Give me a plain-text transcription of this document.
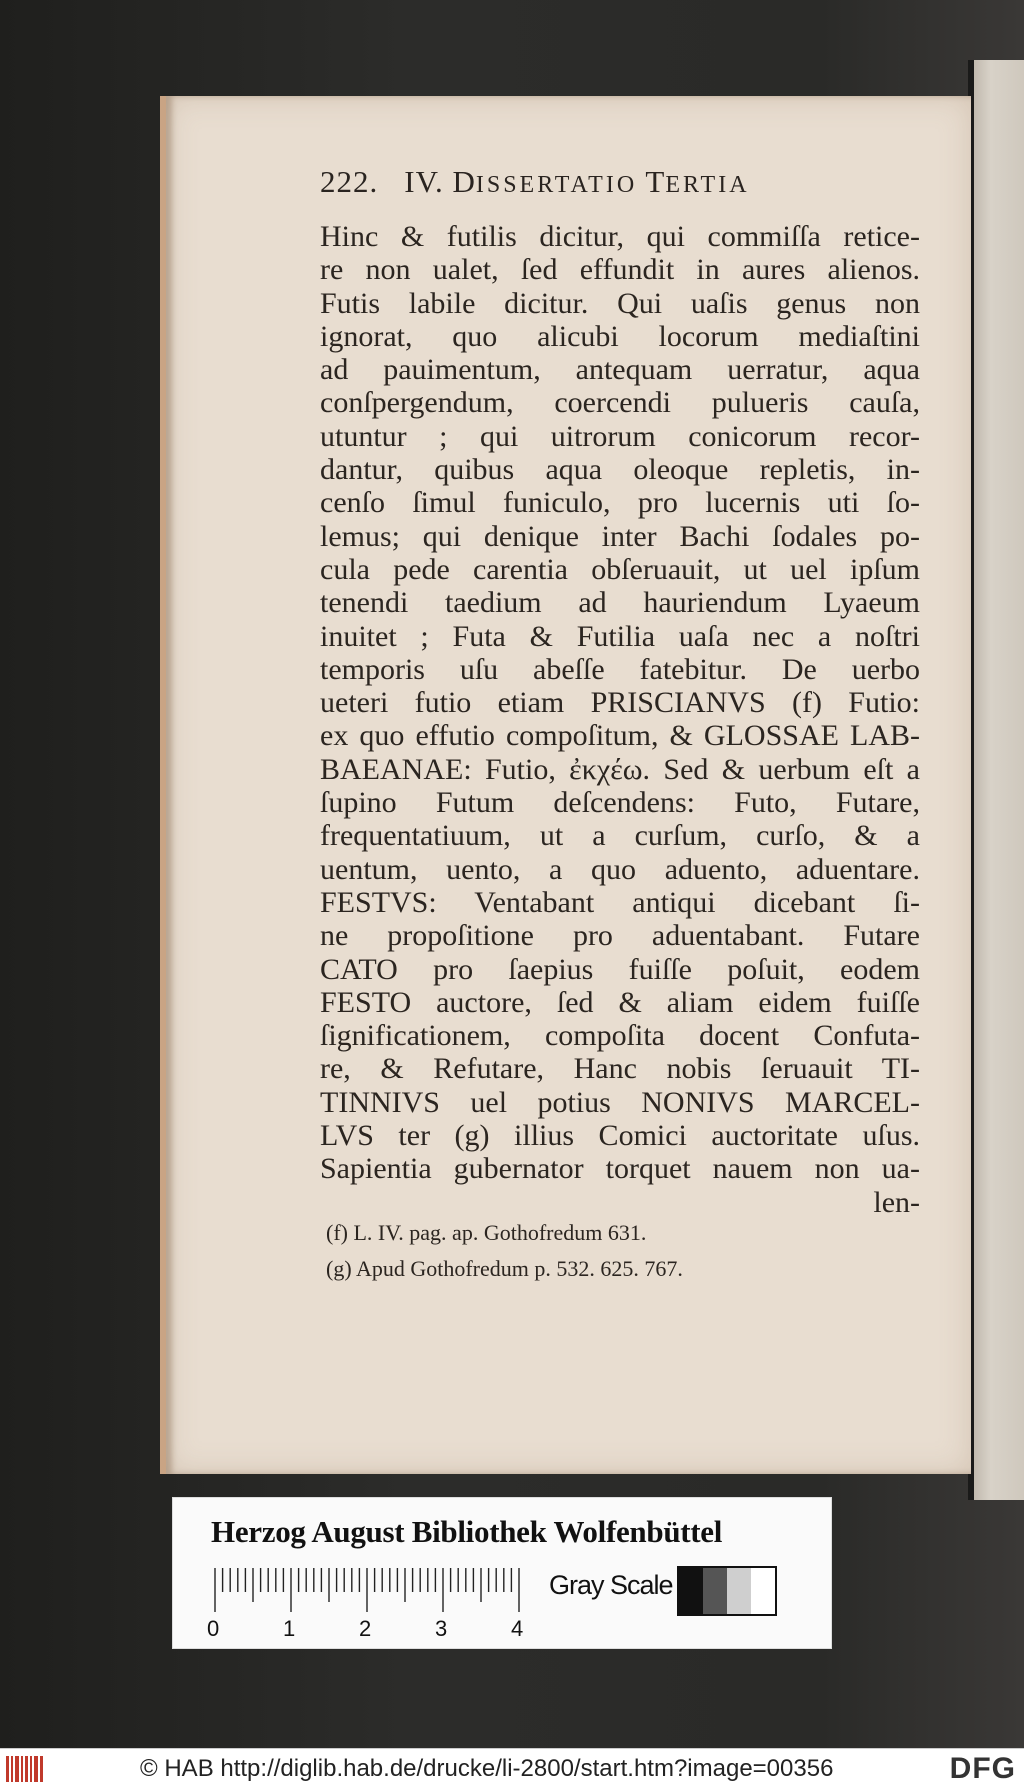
222. IV. DISSERTATIO TERTIA
Hinc & futilis dicitur, qui commiſſa retice-
re non ualet, ſed effundit in aures alienos.
Futis labile dicitur. Qui uaſis genus non
ignorat, quo alicubi locorum mediaſtini
ad pauimentum, antequam uerratur, aqua
conſpergendum, coercendi pulueris cauſa,
utuntur ; qui uitrorum conicorum recor-
dantur, quibus aqua oleoque repletis, in-
cenſo ſimul funiculo, pro lucernis uti ſo-
lemus; qui denique inter Bachi ſodales po-
cula pede carentia obſeruauit, ut uel ipſum
tenendi taedium ad hauriendum Lyaeum
inuitet ; Futa & Futilia uaſa nec a noſtri
temporis uſu abeſſe fatebitur. De uerbo
ueteri futio etiam PRISCIANVS (f) Futio:
ex quo effutio compoſitum, & GLOSSAE LAB-
BAEANAE: Futio, ἐκχέω. Sed & uerbum eſt a
ſupino Futum deſcendens: Futo, Futare,
frequentatiuum, ut a curſum, curſo, & a
uentum, uento, a quo aduento, aduentare.
FESTVS: Ventabant antiqui dicebant ſi-
ne propoſitione pro aduentabant. Futare
CATO pro ſaepius fuiſſe poſuit, eodem
FESTO auctore, ſed & aliam eidem fuiſſe
ſignificationem, compoſita docent Confuta-
re, & Refutare, Hanc nobis ſeruauit TI-
TINNIVS uel potius NONIVS MARCEL-
LVS ter (g) illius Comici auctoritate uſus.
Sapientia gubernator torquet nauem non ua-
len-
(f) L. IV. pag. ap. Gothofredum 631.
(g) Apud Gothofredum p. 532. 625. 767.
Herzog August Bibliothek Wolfenbüttel
0	1	2	3	4
Gray Scale
© HAB http://diglib.hab.de/drucke/li-2800/start.htm?image=00356	DFG
